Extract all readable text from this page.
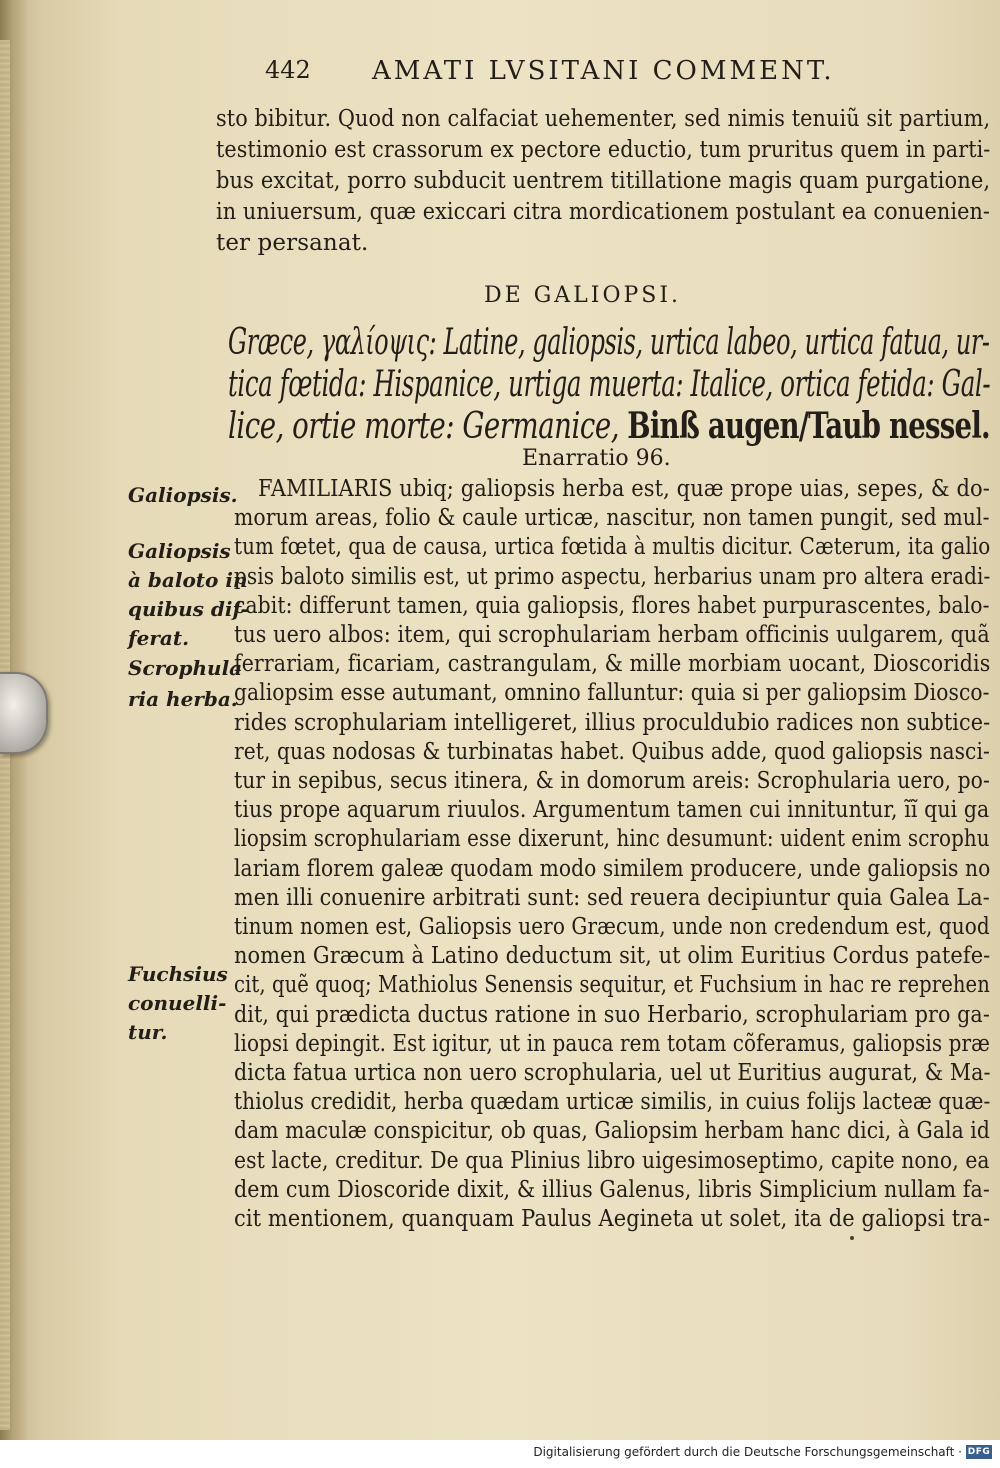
442 AMATI LVSITANI COMMENT.
sto bibitur. Quod non calfaciat uehementer, sed nimis tenuiũ sit partium,
testimonio est crassorum ex pectore eductio, tum pruritus quem in parti-
bus excitat, porro subducit uentrem titillatione magis quam purgatione,
in uniuersum, quæ exiccari citra mordicationem postulant ea conuenien-
ter persanat.
DE GALIOPSI.
Græce, γαλίοψις: Latine, galiopsis, urtica labeo, urtica fatua, ur-
tica fœtida: Hispanice, urtiga muerta: Italice, ortica fetida: Gal-
lice, ortie morte: Germanice, Binß augen/Taub nessel.
Enarratio 96.
Galiopsis.
Galiopsis
à baloto in
quibus dif-
ferat.
Scrophula
ria herba.
Fuchsius
conuelli-
tur.
FAMILIARIS ubiq; galiopsis herba est, quæ prope uias, sepes, & do-
morum areas, folio & caule urticæ, nascitur, non tamen pungit, sed mul-
tum fœtet, qua de causa, urtica fœtida à multis dicitur. Cæterum, ita galio
psis baloto similis est, ut primo aspectu, herbarius unam pro altera eradi-
cabit: differunt tamen, quia galiopsis, flores habet purpurascentes, balo-
tus uero albos: item, qui scrophulariam herbam officinis uulgarem, quã
ferrariam, ficariam, castrangulam, & mille morbiam uocant, Dioscoridis
galiopsim esse autumant, omnino falluntur: quia si per galiopsim Diosco-
rides scrophulariam intelligeret, illius proculdubio radices non subtice-
ret, quas nodosas & turbinatas habet. Quibus adde, quod galiopsis nasci-
tur in sepibus, secus itinera, & in domorum areis: Scrophularia uero, po-
tius prope aquarum riuulos. Argumentum tamen cui innituntur, ĩĩ qui ga
liopsim scrophulariam esse dixerunt, hinc desumunt: uident enim scrophu
lariam florem galeæ quodam modo similem producere, unde galiopsis no
men illi conuenire arbitrati sunt: sed reuera decipiuntur quia Galea La-
tinum nomen est, Galiopsis uero Græcum, unde non credendum est, quod
nomen Græcum à Latino deductum sit, ut olim Euritius Cordus patefe-
cit, quẽ quoq; Mathiolus Senensis sequitur, et Fuchsium in hac re reprehen
dit, qui prædicta ductus ratione in suo Herbario, scrophulariam pro ga-
liopsi depingit. Est igitur, ut in pauca rem totam cõferamus, galiopsis præ
dicta fatua urtica non uero scrophularia, uel ut Euritius augurat, & Ma-
thiolus credidit, herba quædam urticæ similis, in cuius folijs lacteæ quæ-
dam maculæ conspicitur, ob quas, Galiopsim herbam hanc dici, à Gala id
est lacte, creditur. De qua Plinius libro uigesimoseptimo, capite nono, ea
dem cum Dioscoride dixit, & illius Galenus, libris Simplicium nullam fa-
cit mentionem, quanquam Paulus Aegineta ut solet, ita de galiopsi tra-
Digitalisierung gefördert durch die Deutsche Forschungsgemeinschaft · DFG
